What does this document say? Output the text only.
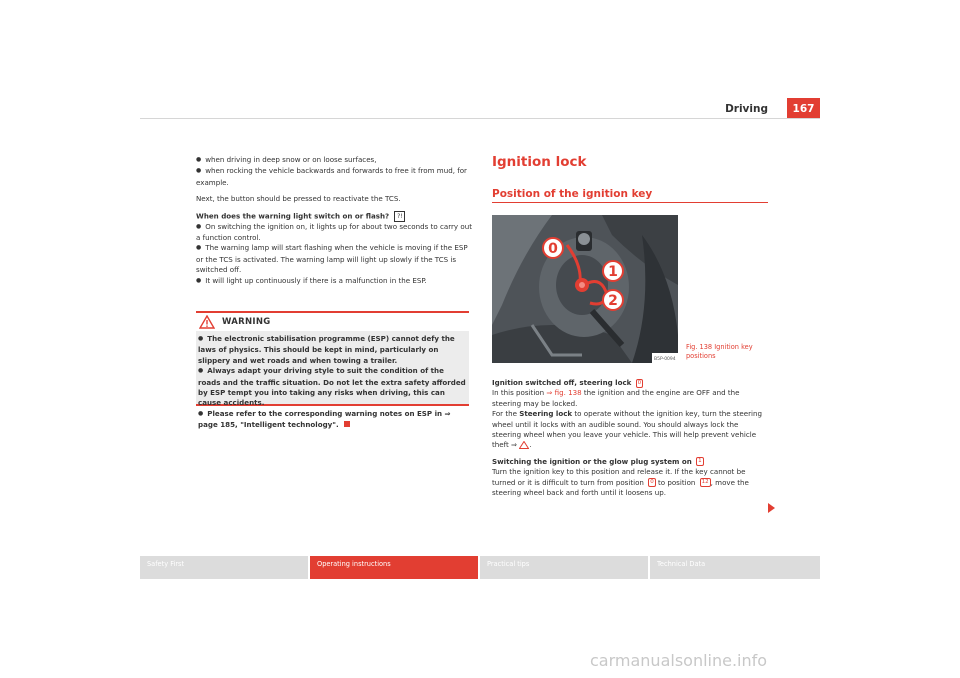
Driving	167

● when driving in deep snow or on loose surfaces,

● when rocking the vehicle backwards and forwards to free it from mud, for example.

Next, the button should be pressed to reactivate the TCS.

When does the warning light switch on or flash? ?!

● On switching the ignition on, it lights up for about two seconds to carry out a function control.

● The warning lamp will start flashing when the vehicle is moving if the ESP or the TCS is activated. The warning lamp will light up slowly if the TCS is switched off.

● It will light up continuously if there is a malfunction in the ESP.

WARNING

● The electronic stabilisation programme (ESP) cannot defy the laws of physics. This should be kept in mind, particularly on slippery and wet roads and when towing a trailer.

● Always adapt your driving style to suit the condition of the roads and the traffic situation. Do not let the extra safety afforded by ESP tempt you into taking any risks when driving, this can cause accidents.

● Please refer to the corresponding warning notes on ESP in ⇒ page 185, "Intelligent technology".

Ignition lock
Position of the ignition key
0
1
2
B5P-0094
Fig. 138 Ignition key
positions

Ignition switched off, steering lock 0

In this position ⇒ fig. 138 the ignition and the engine are OFF and the steering may be locked.

For the Steering lock to operate without the ignition key, turn the steering wheel until it locks with an audible sound. You should always lock the steering wheel when you leave your vehicle. This will help prevent vehicle theft ⇒ .

Switching the ignition or the glow plug system on 1

Turn the ignition key to this position and release it. If the key cannot be turned or it is difficult to turn from position 0 to position 12 , move the steering wheel back and forth until it loosens up.

Safety First	Operating instructions	Practical tips	Technical Data
carmanualsonline.info
